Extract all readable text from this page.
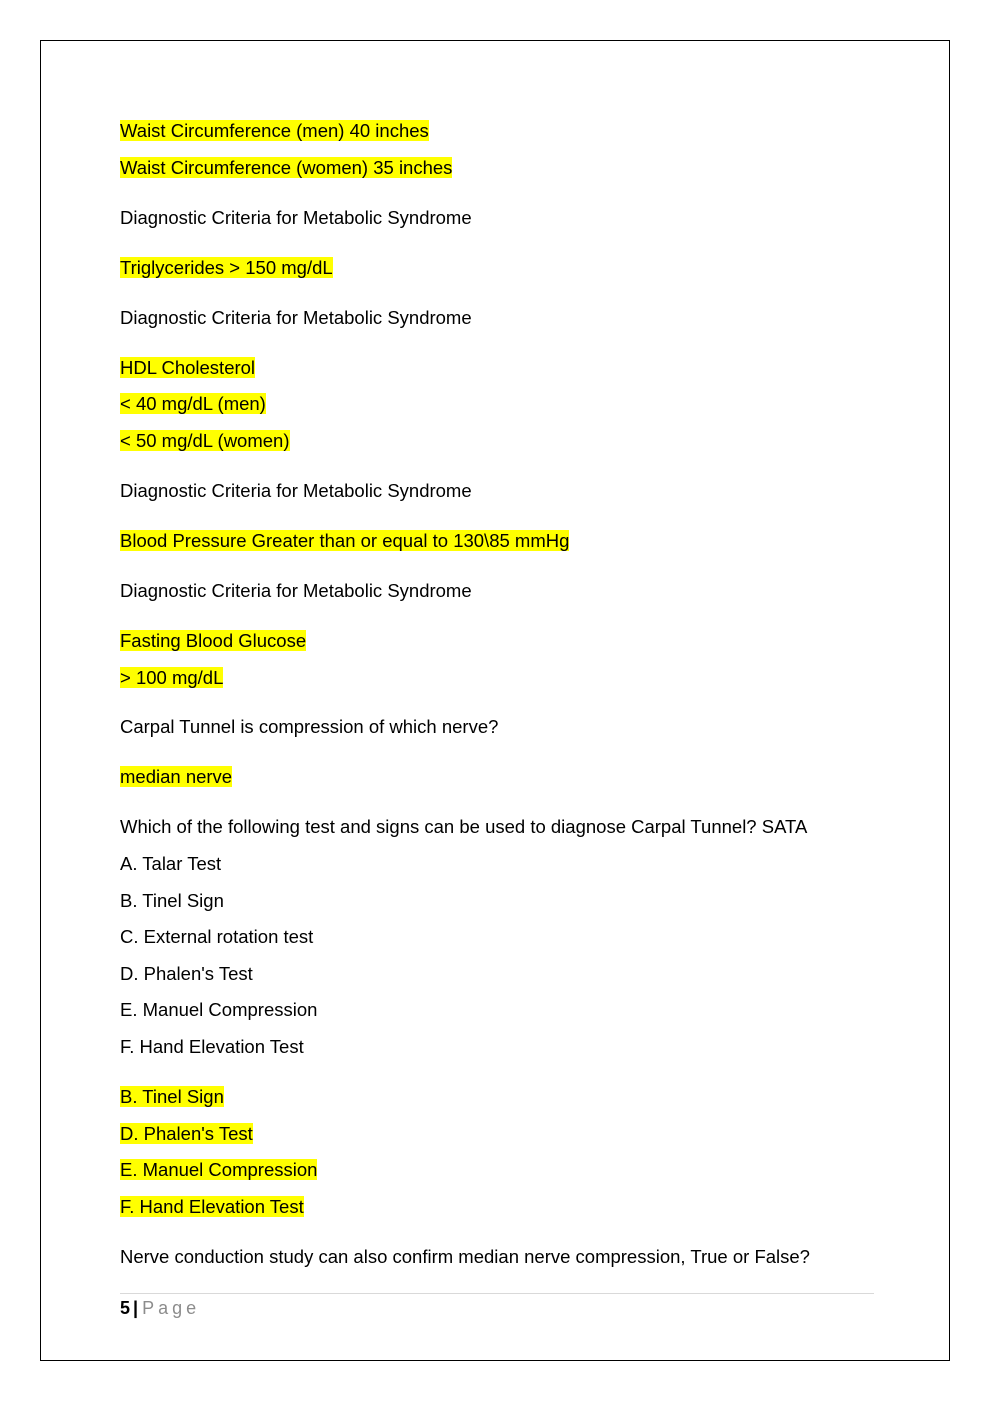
Waist Circumference (men) 40 inches
Waist Circumference (women) 35 inches
Diagnostic Criteria for Metabolic Syndrome
Triglycerides > 150 mg/dL
Diagnostic Criteria for Metabolic Syndrome
HDL Cholesterol
< 40 mg/dL (men)
< 50 mg/dL (women)
Diagnostic Criteria for Metabolic Syndrome
Blood Pressure Greater than or equal to 130\85 mmHg
Diagnostic Criteria for Metabolic Syndrome
Fasting Blood Glucose
> 100 mg/dL
Carpal Tunnel is compression of which nerve?
median nerve
Which of the following test and signs can be used to diagnose Carpal Tunnel? SATA
A. Talar Test
B. Tinel Sign
C. External rotation test
D. Phalen's Test
E. Manuel Compression
F. Hand Elevation Test
B. Tinel Sign
D. Phalen's Test
E. Manuel Compression
F. Hand Elevation Test
Nerve conduction study can also confirm median nerve compression, True or False?
5 | Page
